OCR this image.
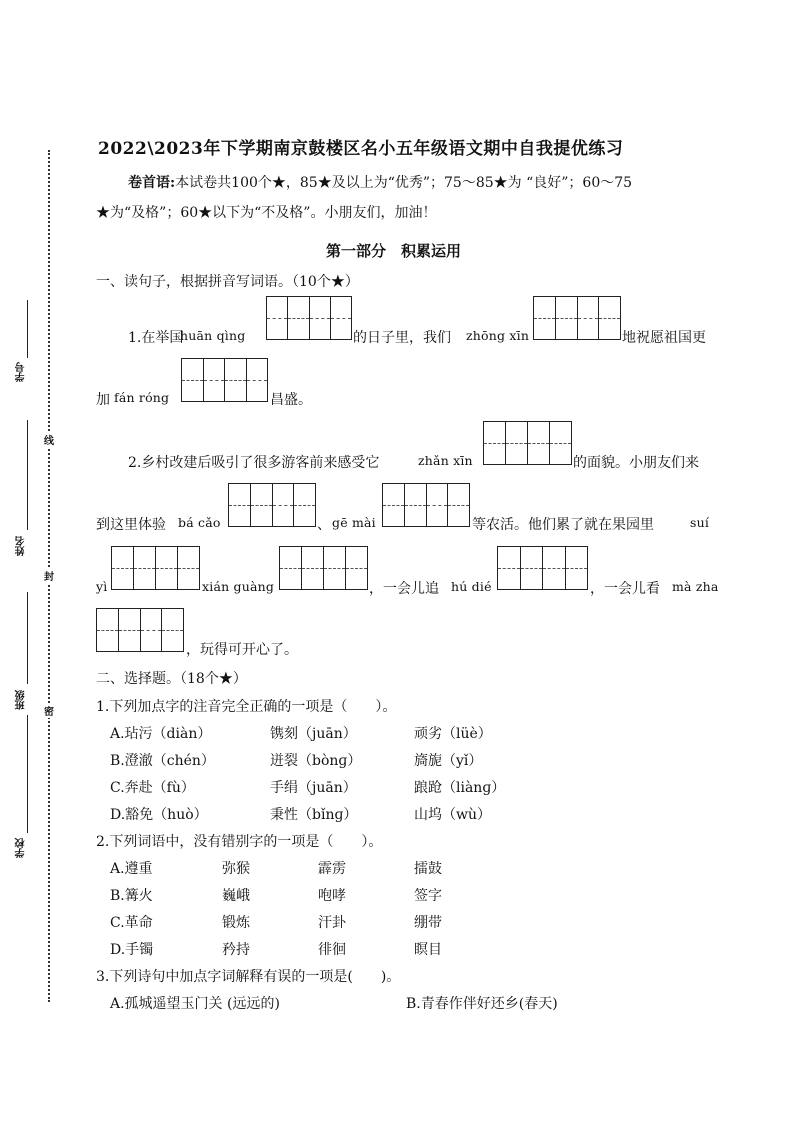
线
封
密
学号
姓名
班级
学校
2022\2023年下学期南京鼓楼区名小五年级语文期中自我提优练习
卷首语:本试卷共100个★，85★及以上为“优秀”；75～85★为 “良好”；60～75
★为“及格”；60★以下为“不及格”。小朋友们，加油！
第一部分　积累运用
一、读句子，根据拼音写词语。（10个★）
1.在举国
huān qìng	的日子里，我们 zhōng xīn	地祝愿祖国更
加 fán róng	昌盛。
2.乡村改建后吸引了很多游客前来感受它	zhǎn xīn	的面貌。小朋友们来
到这里体验 bá cǎo	、 gē mài	等农活。他们累了就在果园里	suí
yì	xián guàng	，一会儿追 hú dié	，一会儿看 mà zha
，玩得可开心了。
二、选择题。（18个★）
1.下列加点字的注音完全正确的一项是（　　）。
A.玷污（diàn）	镌刻（juān）	顽劣（lüè）
B.澄澈（chén）	迸裂（bònɡ）	旖旎（yǐ）
C.奔赴（fù）	手绢（juān）	踉跄（liànɡ）
D.豁免（huò）	秉性（bǐnɡ）	山坞（wù）
2.下列词语中，没有错别字的一项是（　　）。
A.遵重	弥猴	霹雳	擂鼓
B.篝火	巍峨	咆哮	签字
C.革命	锻炼	汗卦	绷带
D.手镯	矜持	徘徊	瞑目
3.下列诗句中加点字词解释有误的一项是(　　)。
A.孤城遥望玉门关 (远远的)	B.青春作伴好还乡(春天)
